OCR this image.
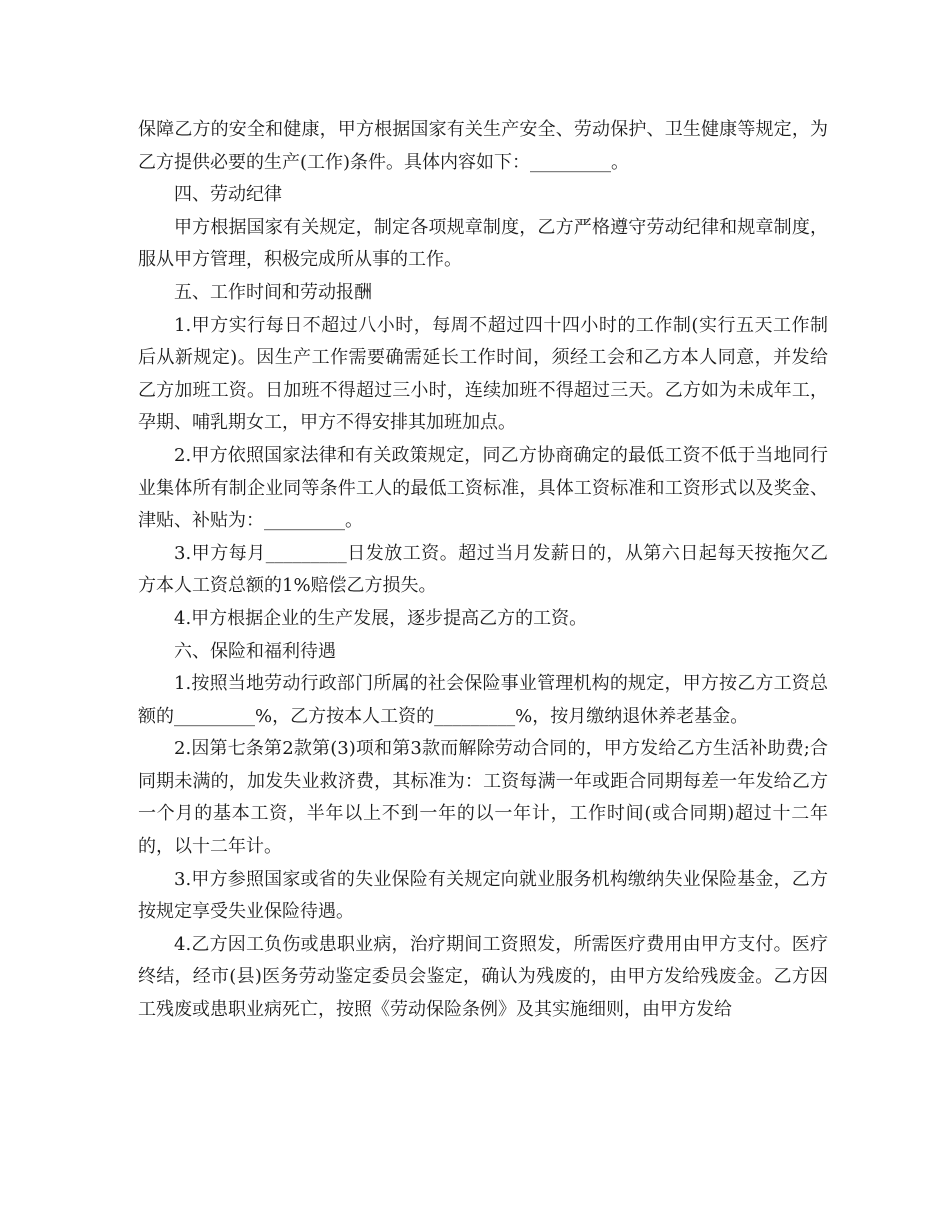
保障乙方的安全和健康，甲方根据国家有关生产安全、劳动保护、卫生健康等规定，为乙方提供必要的生产(工作)条件。具体内容如下：_________。

四、劳动纪律

甲方根据国家有关规定，制定各项规章制度，乙方严格遵守劳动纪律和规章制度，服从甲方管理，积极完成所从事的工作。

五、工作时间和劳动报酬

1.甲方实行每日不超过八小时，每周不超过四十四小时的工作制(实行五天工作制后从新规定)。因生产工作需要确需延长工作时间，须经工会和乙方本人同意，并发给乙方加班工资。日加班不得超过三小时，连续加班不得超过三天。乙方如为未成年工，孕期、哺乳期女工，甲方不得安排其加班加点。

2.甲方依照国家法律和有关政策规定，同乙方协商确定的最低工资不低于当地同行业集体所有制企业同等条件工人的最低工资标准，具体工资标准和工资形式以及奖金、津贴、补贴为：_________。

3.甲方每月_________日发放工资。超过当月发薪日的，从第六日起每天按拖欠乙方本人工资总额的1%赔偿乙方损失。

4.甲方根据企业的生产发展，逐步提高乙方的工资。

六、保险和福利待遇

1.按照当地劳动行政部门所属的社会保险事业管理机构的规定，甲方按乙方工资总额的_________%，乙方按本人工资的_________%，按月缴纳退休养老基金。

2.因第七条第2款第(3)项和第3款而解除劳动合同的，甲方发给乙方生活补助费;合同期未满的，加发失业救济费，其标准为：工资每满一年或距合同期每差一年发给乙方一个月的基本工资，半年以上不到一年的以一年计，工作时间(或合同期)超过十二年的，以十二年计。

3.甲方参照国家或省的失业保险有关规定向就业服务机构缴纳失业保险基金，乙方按规定享受失业保险待遇。

4.乙方因工负伤或患职业病，治疗期间工资照发，所需医疗费用由甲方支付。医疗终结，经市(县)医务劳动鉴定委员会鉴定，确认为残废的，由甲方发给残废金。乙方因工残废或患职业病死亡，按照《劳动保险条例》及其实施细则，由甲方发给
